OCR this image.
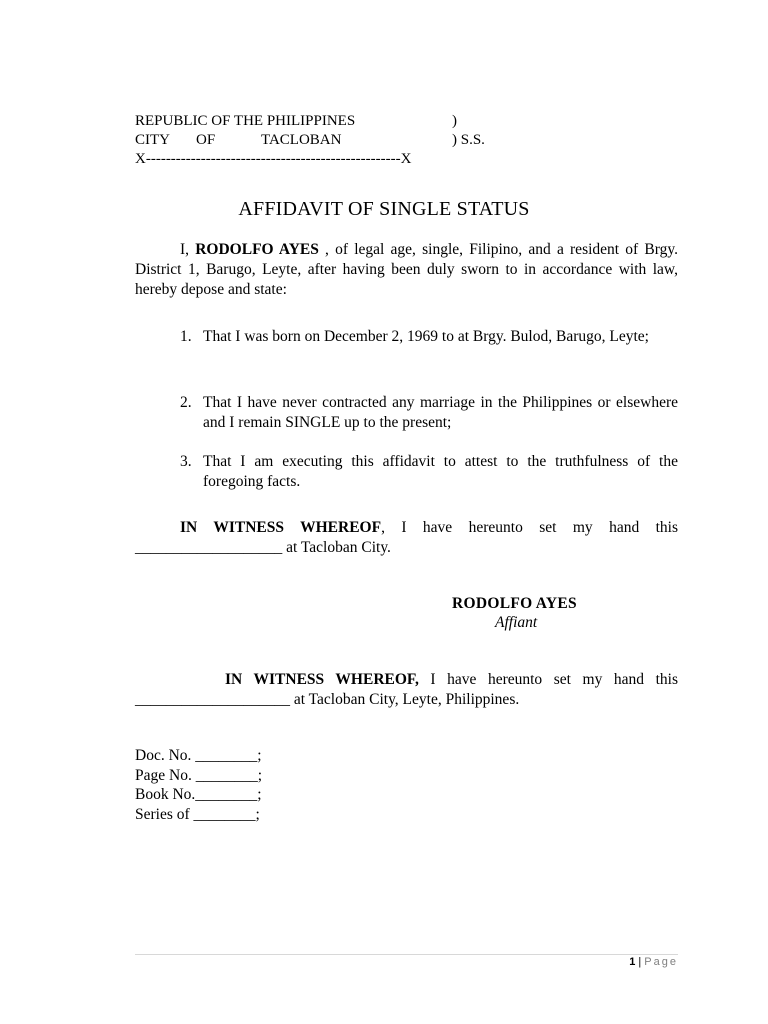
REPUBLIC OF THE PHILIPPINES	)
CITY OF	TACLOBAN	) S.S.
X---------------------------------------------------X
AFFIDAVIT OF SINGLE STATUS
I, RODOLFO AYES , of legal age, single, Filipino, and a resident of Brgy. District 1, Barugo, Leyte, after having been duly sworn to in accordance with law, hereby depose and state:
1. That I was born on December 2, 1969 to at Brgy. Bulod, Barugo, Leyte;
2. That I have never contracted any marriage in the Philippines or elsewhere and I remain SINGLE up to the present;
3. That I am executing this affidavit to attest to the truthfulness of the foregoing facts.
IN WITNESS WHEREOF, I have hereunto set my hand this ___________________ at Tacloban City.
RODOLFO AYES
Affiant
IN WITNESS WHEREOF, I have hereunto set my hand this ____________________ at Tacloban City, Leyte, Philippines.
Doc. No. ________;
Page No. ________;
Book No.________;
Series of ________;
1 | Page
